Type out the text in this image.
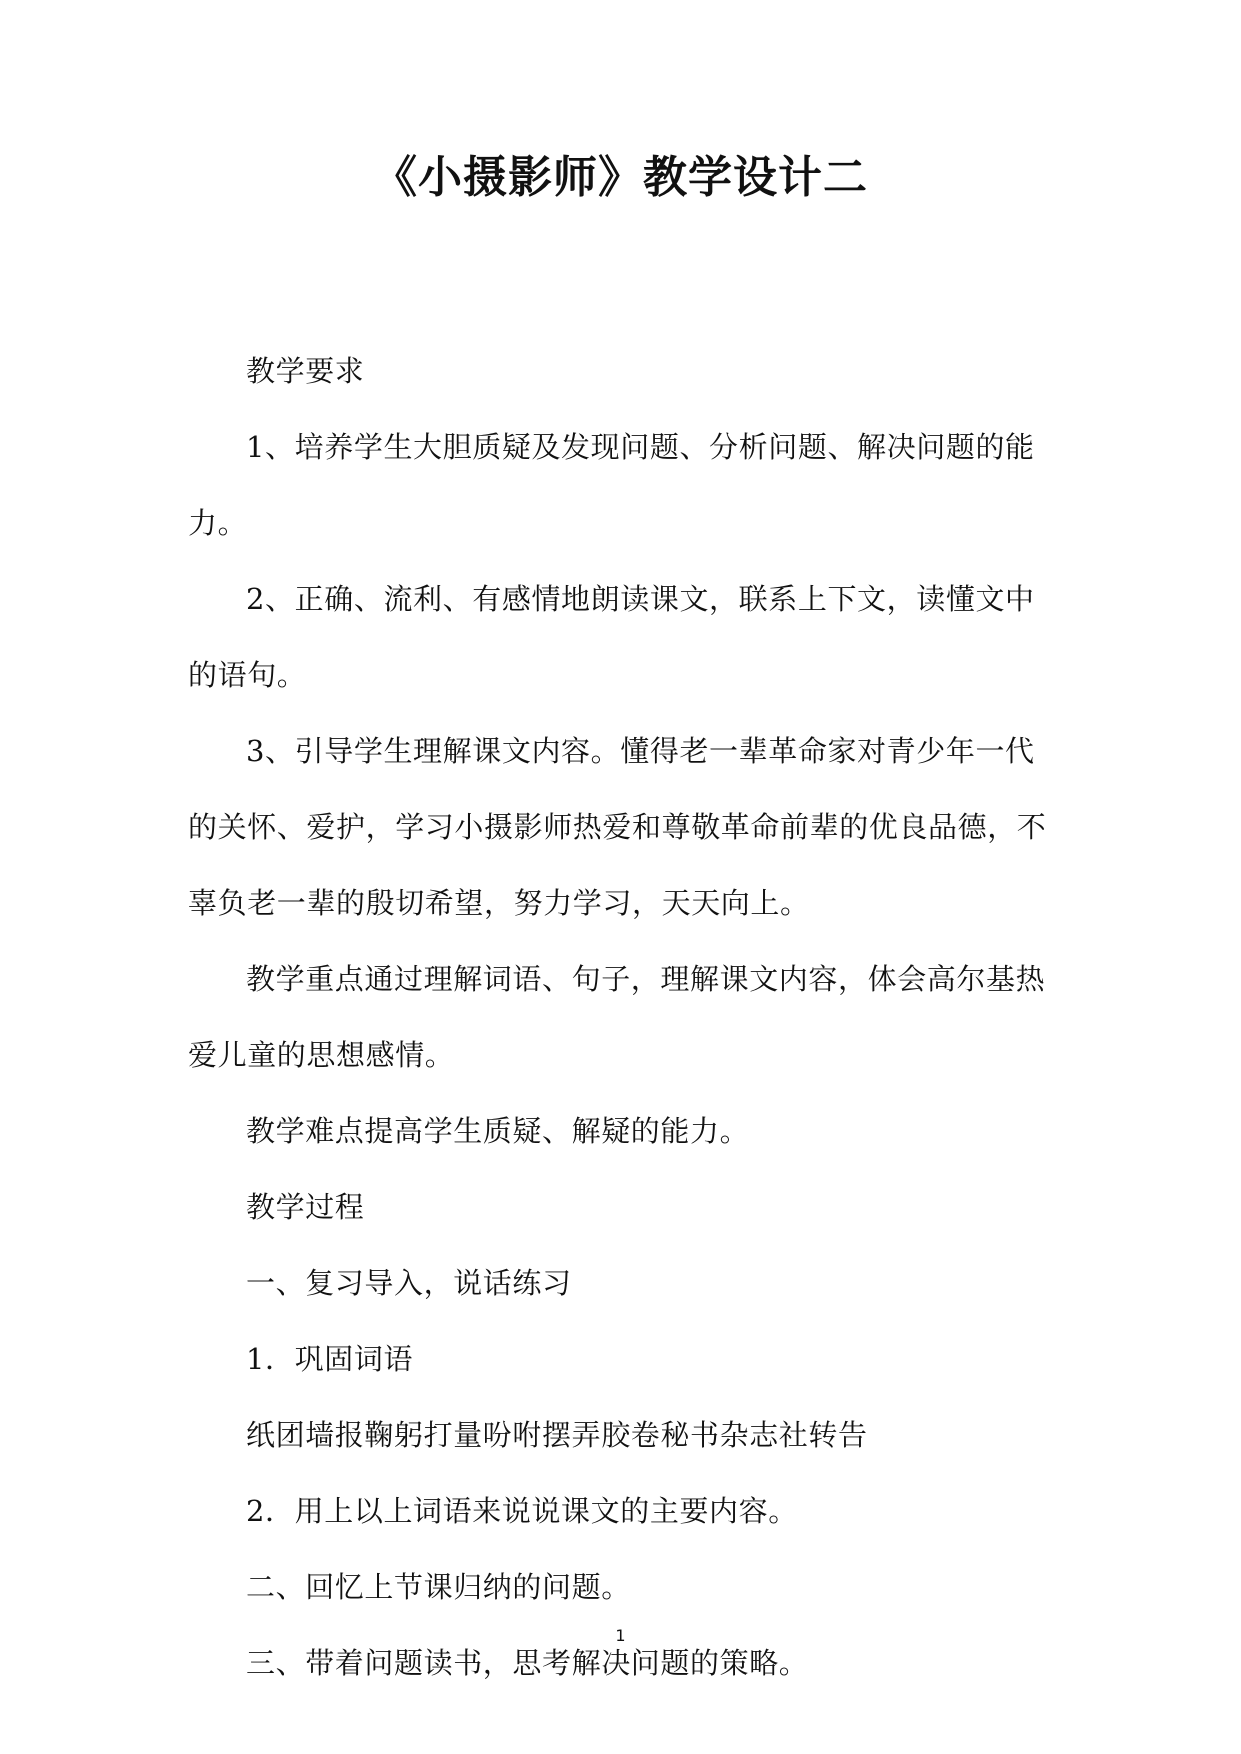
《小摄影师》教学设计二

教学要求

1、培养学生大胆质疑及发现问题、分析问题、解决问题的能力。

2、正确、流利、有感情地朗读课文，联系上下文，读懂文中的语句。

3、引导学生理解课文内容。懂得老一辈革命家对青少年一代的关怀、爱护，学习小摄影师热爱和尊敬革命前辈的优良品德，不辜负老一辈的殷切希望，努力学习，天天向上。

教学重点通过理解词语、句子，理解课文内容，体会高尔基热爱儿童的思想感情。

教学难点提高学生质疑、解疑的能力。

教学过程

一、复习导入，说话练习

1．巩固词语

纸团墙报鞠躬打量吩咐摆弄胶卷秘书杂志社转告

2．用上以上词语来说说课文的主要内容。

二、回忆上节课归纳的问题。

三、带着问题读书，思考解决问题的策略。

1
